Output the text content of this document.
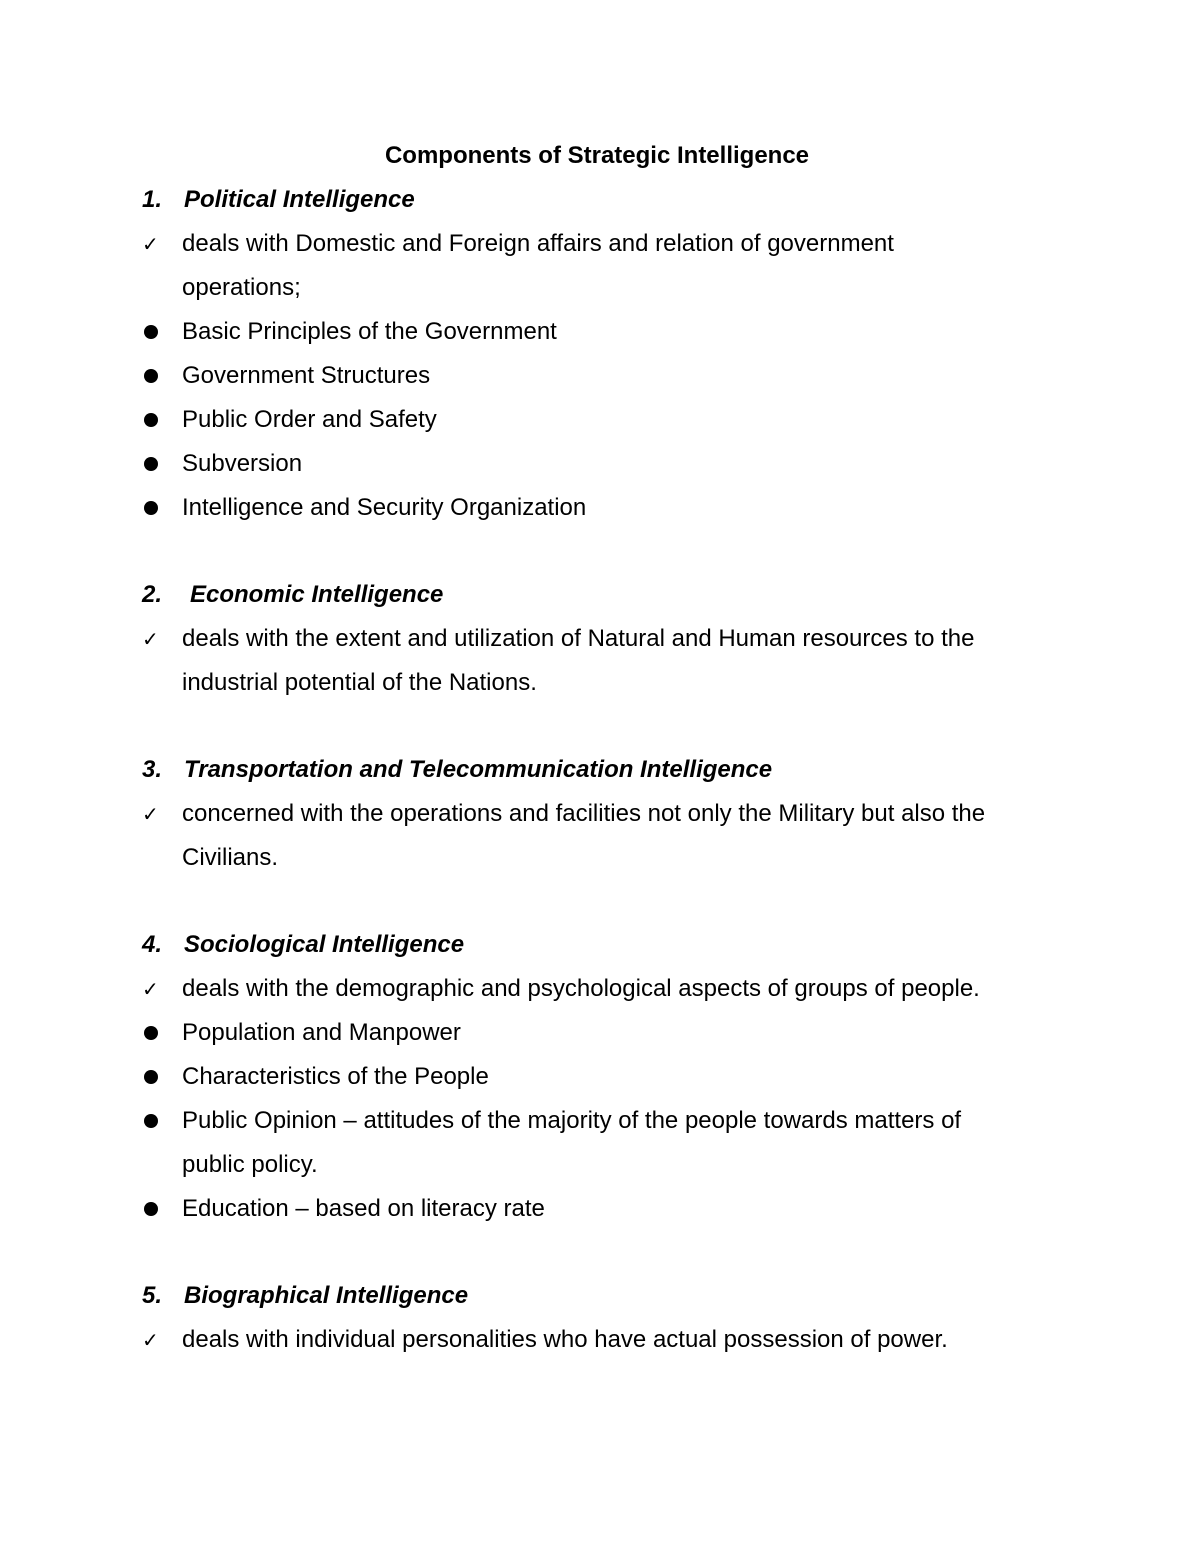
Components of Strategic Intelligence
1. Political Intelligence
✓ deals with Domestic and Foreign affairs and relation of government
operations;
Basic Principles of the Government
Government Structures
Public Order and Safety
Subversion
Intelligence and Security Organization
2. Economic Intelligence
✓ deals with the extent and utilization of Natural and Human resources to the
industrial potential of the Nations.
3. Transportation and Telecommunication Intelligence
✓ concerned with the operations and facilities not only the Military but also the
Civilians.
4. Sociological Intelligence
✓ deals with the demographic and psychological aspects of groups of people.
Population and Manpower
Characteristics of the People
Public Opinion – attitudes of the majority of the people towards matters of
public policy.
Education – based on literacy rate
5. Biographical Intelligence
✓ deals with individual personalities who have actual possession of power.
